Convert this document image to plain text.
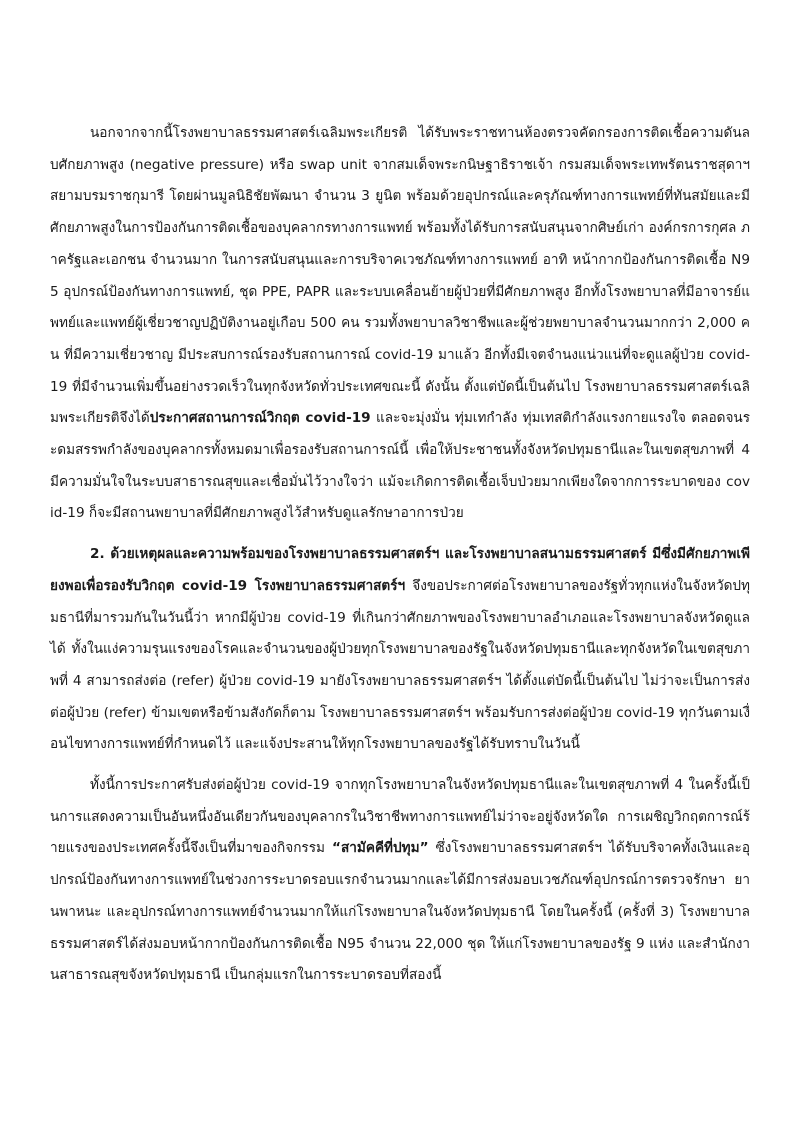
นอกจากจากนี้โรงพยาบาลธรรมศาสตร์เฉลิมพระเกียรติ ได้รับพระราชทานห้องตรวจคัดกรองการติดเชื้อความดันลบศักยภาพสูง (negative pressure) หรือ swap unit จากสมเด็จพระกนิษฐาธิราชเจ้า กรมสมเด็จพระเทพรัตนราชสุดาฯ สยามบรมราชกุมารี โดยผ่านมูลนิธิชัยพัฒนา จำนวน 3 ยูนิต พร้อมด้วยอุปกรณ์และครุภัณฑ์ทางการแพทย์ที่ทันสมัยและมีศักยภาพสูงในการป้องกันการติดเชื้อของบุคลากรทางการแพทย์ พร้อมทั้งได้รับการสนับสนุนจากศิษย์เก่า องค์กรการกุศล ภาครัฐและเอกชน จำนวนมาก ในการสนับสนุนและการบริจาคเวชภัณฑ์ทางการแพทย์ อาทิ หน้ากากป้องกันการติดเชื้อ N95 อุปกรณ์ป้องกันทางการแพทย์, ชุด PPE, PAPR และระบบเคลื่อนย้ายผู้ป่วยที่มีศักยภาพสูง อีกทั้งโรงพยาบาลที่มีอาจารย์แพทย์และแพทย์ผู้เชี่ยวชาญปฏิบัติงานอยู่เกือบ 500 คน รวมทั้งพยาบาลวิชาชีพและผู้ช่วยพยาบาลจำนวนมากกว่า 2,000 คน ที่มีความเชี่ยวชาญ มีประสบการณ์รองรับสถานการณ์ covid-19 มาแล้ว อีกทั้งมีเจตจำนงแน่วแน่ที่จะดูแลผู้ป่วย covid-19 ที่มีจำนวนเพิ่มขึ้นอย่างรวดเร็วในทุกจังหวัดทั่วประเทศขณะนี้ ดังนั้น ตั้งแต่บัดนี้เป็นต้นไป โรงพยาบาลธรรมศาสตร์เฉลิมพระเกียรติจึงได้ประกาศสถานการณ์วิกฤต covid-19 และจะมุ่งมั่น ทุ่มเทกำลัง ทุ่มเทสติกำลังแรงกายแรงใจ ตลอดจนระดมสรรพกำลังของบุคลากรทั้งหมดมาเพื่อรองรับสถานการณ์นี้ เพื่อให้ประชาชนทั้งจังหวัดปทุมธานีและในเขตสุขภาพที่ 4 มีความมั่นใจในระบบสาธารณสุขและเชื่อมั่นไว้วางใจว่า แม้จะเกิดการติดเชื้อเจ็บป่วยมากเพียงใดจากการระบาดของ covid-19 ก็จะมีสถานพยาบาลที่มีศักยภาพสูงไว้สำหรับดูแลรักษาอาการป่วย

2. ด้วยเหตุผลและความพร้อมของโรงพยาบาลธรรมศาสตร์ฯ และโรงพยาบาลสนามธรรมศาสตร์ มีซึ่งมีศักยภาพเพียงพอเพื่อรองรับวิกฤต covid-19 โรงพยาบาลธรรมศาสตร์ฯ จึงขอประกาศต่อโรงพยาบาลของรัฐทั่วทุกแห่งในจังหวัดปทุมธานีที่มารวมกันในวันนี้ว่า หากมีผู้ป่วย covid-19 ที่เกินกว่าศักยภาพของโรงพยาบาลอำเภอและโรงพยาบาลจังหวัดดูแลได้ ทั้งในแง่ความรุนแรงของโรคและจำนวนของผู้ป่วยทุกโรงพยาบาลของรัฐในจังหวัดปทุมธานีและทุกจังหวัดในเขตสุขภาพที่ 4 สามารถส่งต่อ (refer) ผู้ป่วย covid-19 มายังโรงพยาบาลธรรมศาสตร์ฯ ได้ตั้งแต่บัดนี้เป็นต้นไป ไม่ว่าจะเป็นการส่งต่อผู้ป่วย (refer) ข้ามเขตหรือข้ามสังกัดก็ตาม โรงพยาบาลธรรมศาสตร์ฯ พร้อมรับการส่งต่อผู้ป่วย covid-19 ทุกวันตามเงื่อนไขทางการแพทย์ที่กำหนดไว้ และแจ้งประสานให้ทุกโรงพยาบาลของรัฐได้รับทราบในวันนี้

ทั้งนี้การประกาศรับส่งต่อผู้ป่วย covid-19 จากทุกโรงพยาบาลในจังหวัดปทุมธานีและในเขตสุขภาพที่ 4 ในครั้งนี้เป็นการแสดงความเป็นอันหนึ่งอันเดียวกันของบุคลากรในวิชาชีพทางการแพทย์ไม่ว่าจะอยู่จังหวัดใด การเผชิญวิกฤตการณ์ร้ายแรงของประเทศครั้งนี้จึงเป็นที่มาของกิจกรรม “สามัคคีที่ปทุม” ซึ่งโรงพยาบาลธรรมศาสตร์ฯ ได้รับบริจาคทั้งเงินและอุปกรณ์ป้องกันทางการแพทย์ในช่วงการระบาดรอบแรกจำนวนมากและได้มีการส่งมอบเวชภัณฑ์อุปกรณ์การตรวจรักษา ยานพาหนะ และอุปกรณ์ทางการแพทย์จำนวนมากให้แก่โรงพยาบาลในจังหวัดปทุมธานี โดยในครั้งนี้ (ครั้งที่ 3) โรงพยาบาลธรรมศาสตร์ได้ส่งมอบหน้ากากป้องกันการติดเชื้อ N95 จำนวน 22,000 ชุด ให้แก่โรงพยาบาลของรัฐ 9 แห่ง และสำนักงานสาธารณสุขจังหวัดปทุมธานี เป็นกลุ่มแรกในการระบาดรอบที่สองนี้
